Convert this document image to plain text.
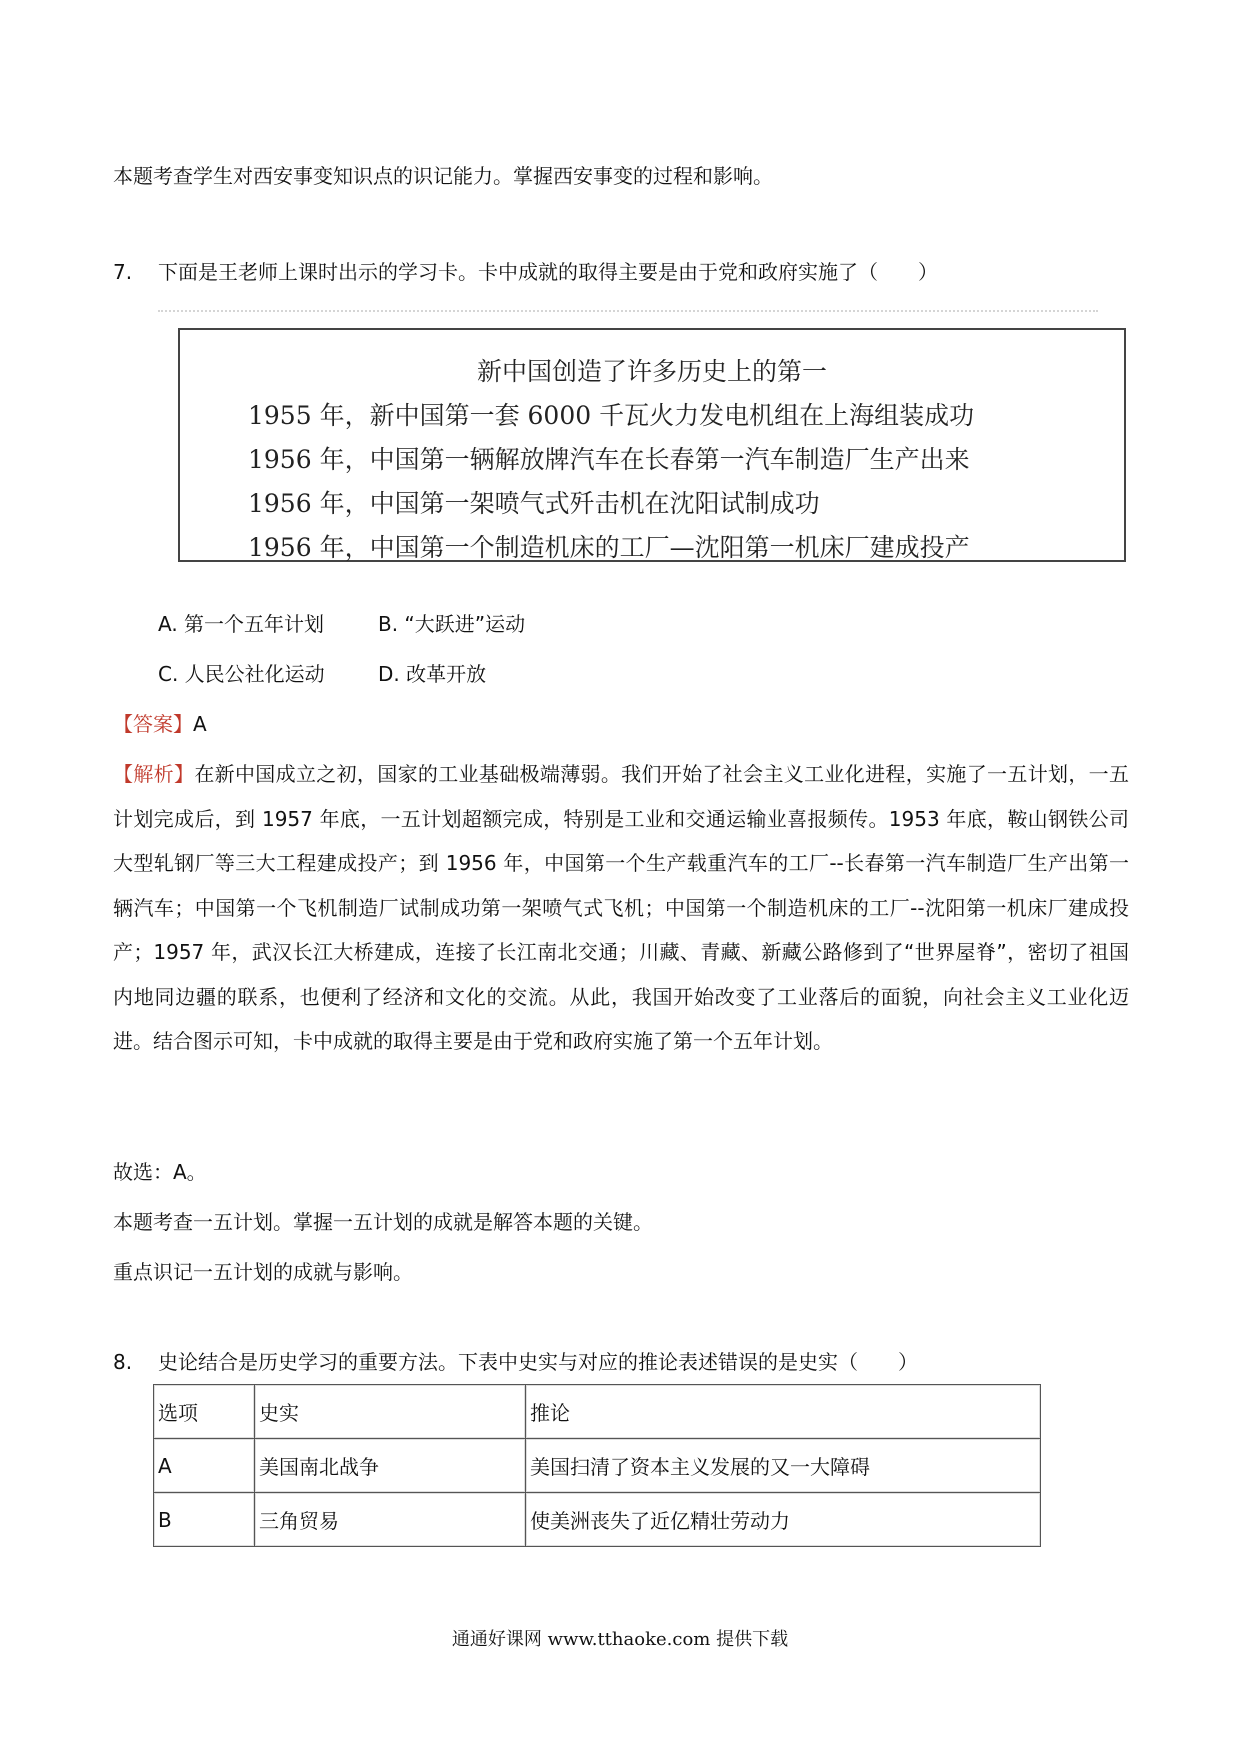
本题考查学生对西安事变知识点的识记能力。掌握西安事变的过程和影响。
7. 下面是王老师上课时出示的学习卡。卡中成就的取得主要是由于党和政府实施了（　　）
新中国创造了许多历史上的第一
1955 年，新中国第一套 6000 千瓦火力发电机组在上海组装成功
1956 年，中国第一辆解放牌汽车在长春第一汽车制造厂生产出来
1956 年，中国第一架喷气式歼击机在沈阳试制成功
1956 年，中国第一个制造机床的工厂—沈阳第一机床厂建成投产
A. 第一个五年计划	B. “大跃进”运动
C. 人民公社化运动	D. 改革开放
【答案】A
【解析】在新中国成立之初，国家的工业基础极端薄弱。我们开始了社会主义工业化进程，实施了一五计划，一五计划完成后，到 1957 年底，一五计划超额完成，特别是工业和交通运输业喜报频传。1953 年底，鞍山钢铁公司大型轧钢厂等三大工程建成投产；到 1956 年，中国第一个生产载重汽车的工厂--长春第一汽车制造厂生产出第一辆汽车；中国第一个飞机制造厂试制成功第一架喷气式飞机；中国第一个制造机床的工厂--沈阳第一机床厂建成投产；1957 年，武汉长江大桥建成，连接了长江南北交通；川藏、青藏、新藏公路修到了“世界屋脊”，密切了祖国内地同边疆的联系，也便利了经济和文化的交流。从此，我国开始改变了工业落后的面貌，向社会主义工业化迈进。结合图示可知，卡中成就的取得主要是由于党和政府实施了第一个五年计划。
故选：A。
本题考查一五计划。掌握一五计划的成就是解答本题的关键。
重点识记一五计划的成就与影响。
8. 史论结合是历史学习的重要方法。下表中史实与对应的推论表述错误的是史实（　　）
选项	史实	推论
A	美国南北战争	美国扫清了资本主义发展的又一大障碍
B	三角贸易	使美洲丧失了近亿精壮劳动力
通通好课网 www.tthaoke.com 提供下载
